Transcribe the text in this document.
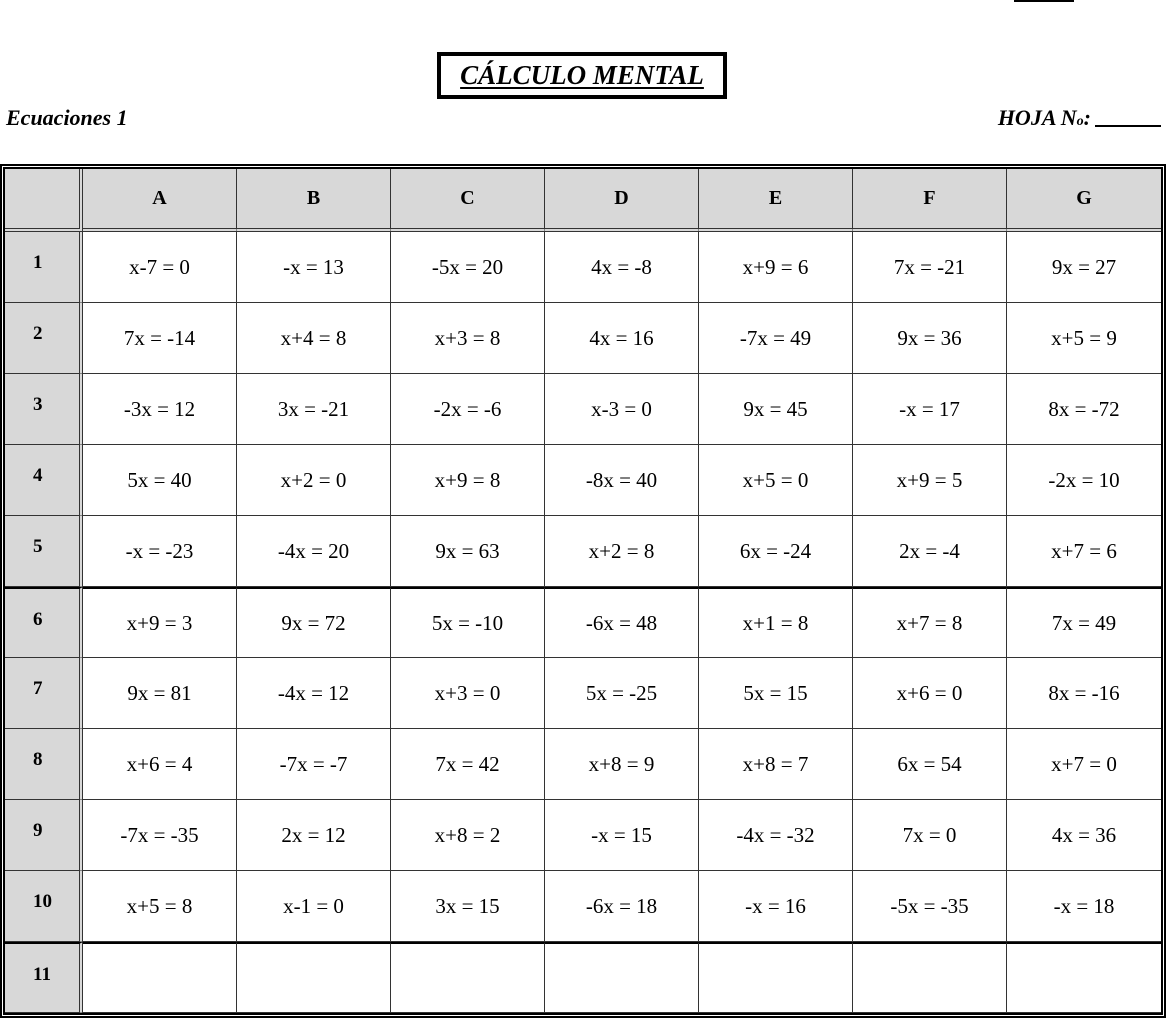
CÁLCULO MENTAL
Ecuaciones 1	HOJA N o :
	A	B	C	D	E	F	G
1	x-7 = 0	-x = 13	-5x = 20	4x = -8	x+9 = 6	7x = -21	9x = 27
2	7x = -14	x+4 = 8	x+3 = 8	4x = 16	-7x = 49	9x = 36	x+5 = 9
3	-3x = 12	3x = -21	-2x = -6	x-3 = 0	9x = 45	-x = 17	8x = -72
4	5x = 40	x+2 = 0	x+9 = 8	-8x = 40	x+5 = 0	x+9 = 5	-2x = 10
5	-x = -23	-4x = 20	9x = 63	x+2 = 8	6x = -24	2x = -4	x+7 = 6
6	x+9 = 3	9x = 72	5x = -10	-6x = 48	x+1 = 8	x+7 = 8	7x = 49
7	9x = 81	-4x = 12	x+3 = 0	5x = -25	5x = 15	x+6 = 0	8x = -16
8	x+6 = 4	-7x = -7	7x = 42	x+8 = 9	x+8 = 7	6x = 54	x+7 = 0
9	-7x = -35	2x = 12	x+8 = 2	-x = 15	-4x = -32	7x = 0	4x = 36
10	x+5 = 8	x-1 = 0	3x = 15	-6x = 18	-x = 16	-5x = -35	-x = 18
11							
